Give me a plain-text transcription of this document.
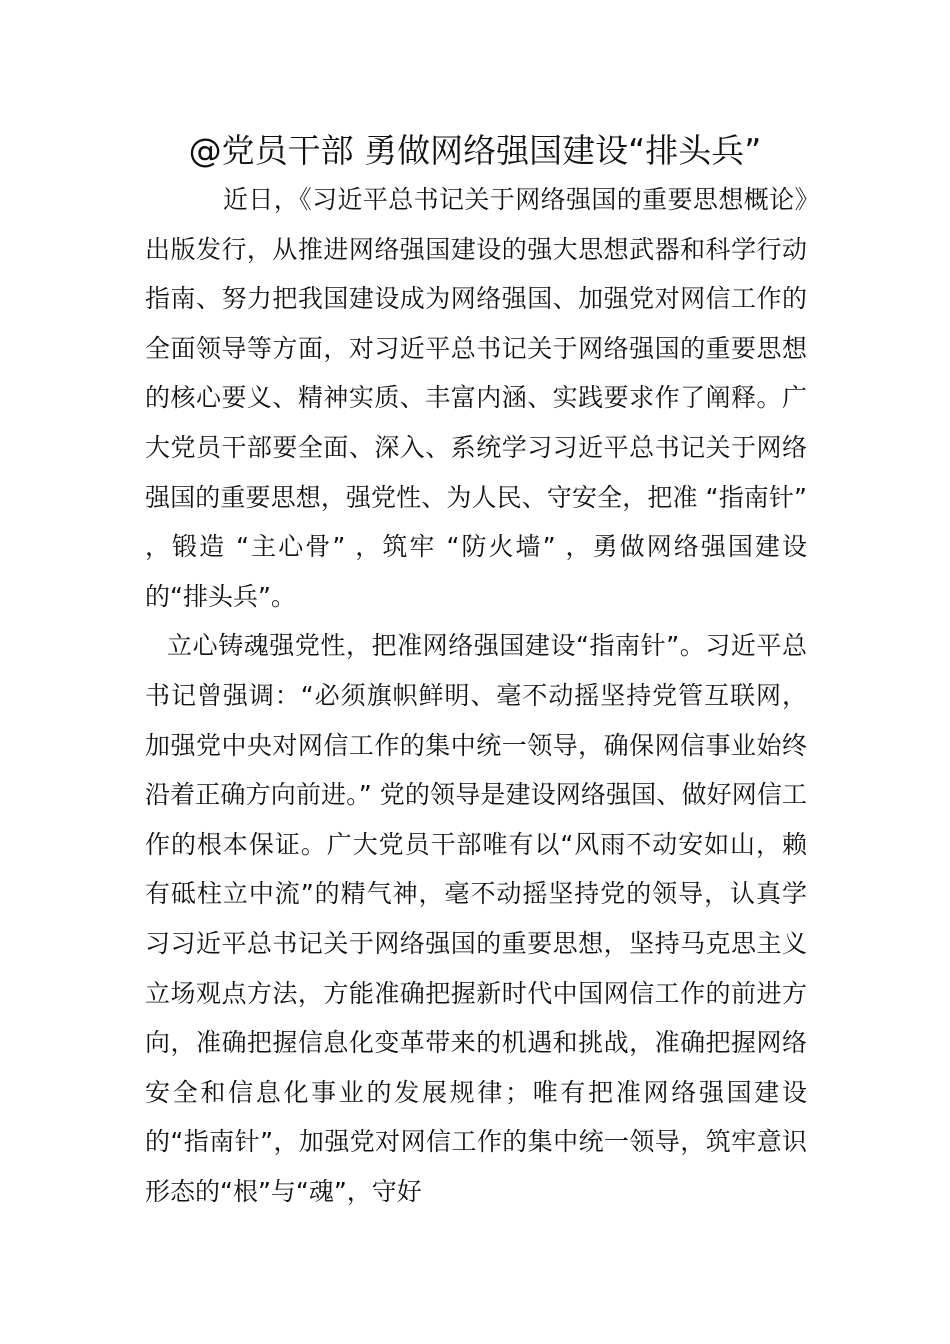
@党员干部 勇做网络强国建设“排头兵”

近日，《习近平总书记关于网络强国的重要思想概论》出版发行，从推进网络强国建设的强大思想武器和科学行动指南、努力把我国建设成为网络强国、加强党对网信工作的全面领导等方面，对习近平总书记关于网络强国的重要思想的核心要义、精神实质、丰富内涵、实践要求作了阐释。广大党员干部要全面、深入、系统学习习近平总书记关于网络强国的重要思想，强党性、为人民、守安全，把准 “指南针” ，锻造 “主心骨” ，筑牢 “防火墙” ，勇做网络强国建设的“排头兵”。

立心铸魂强党性，把准网络强国建设“指南针”。习近平总书记曾强调：“必须旗帜鲜明、毫不动摇坚持党管互联网，加强党中央对网信工作的集中统一领导，确保网信事业始终沿着正确方向前进。” 党的领导是建设网络强国、做好网信工作的根本保证。广大党员干部唯有以“风雨不动安如山，赖有砥柱立中流”的精气神，毫不动摇坚持党的领导，认真学习习近平总书记关于网络强国的重要思想，坚持马克思主义立场观点方法，方能准确把握新时代中国网信工作的前进方向，准确把握信息化变革带来的机遇和挑战，准确把握网络安全和信息化事业的发展规律；唯有把准网络强国建设的“指南针”，加强党对网信工作的集中统一领导，筑牢意识形态的“根”与“魂”，守好
